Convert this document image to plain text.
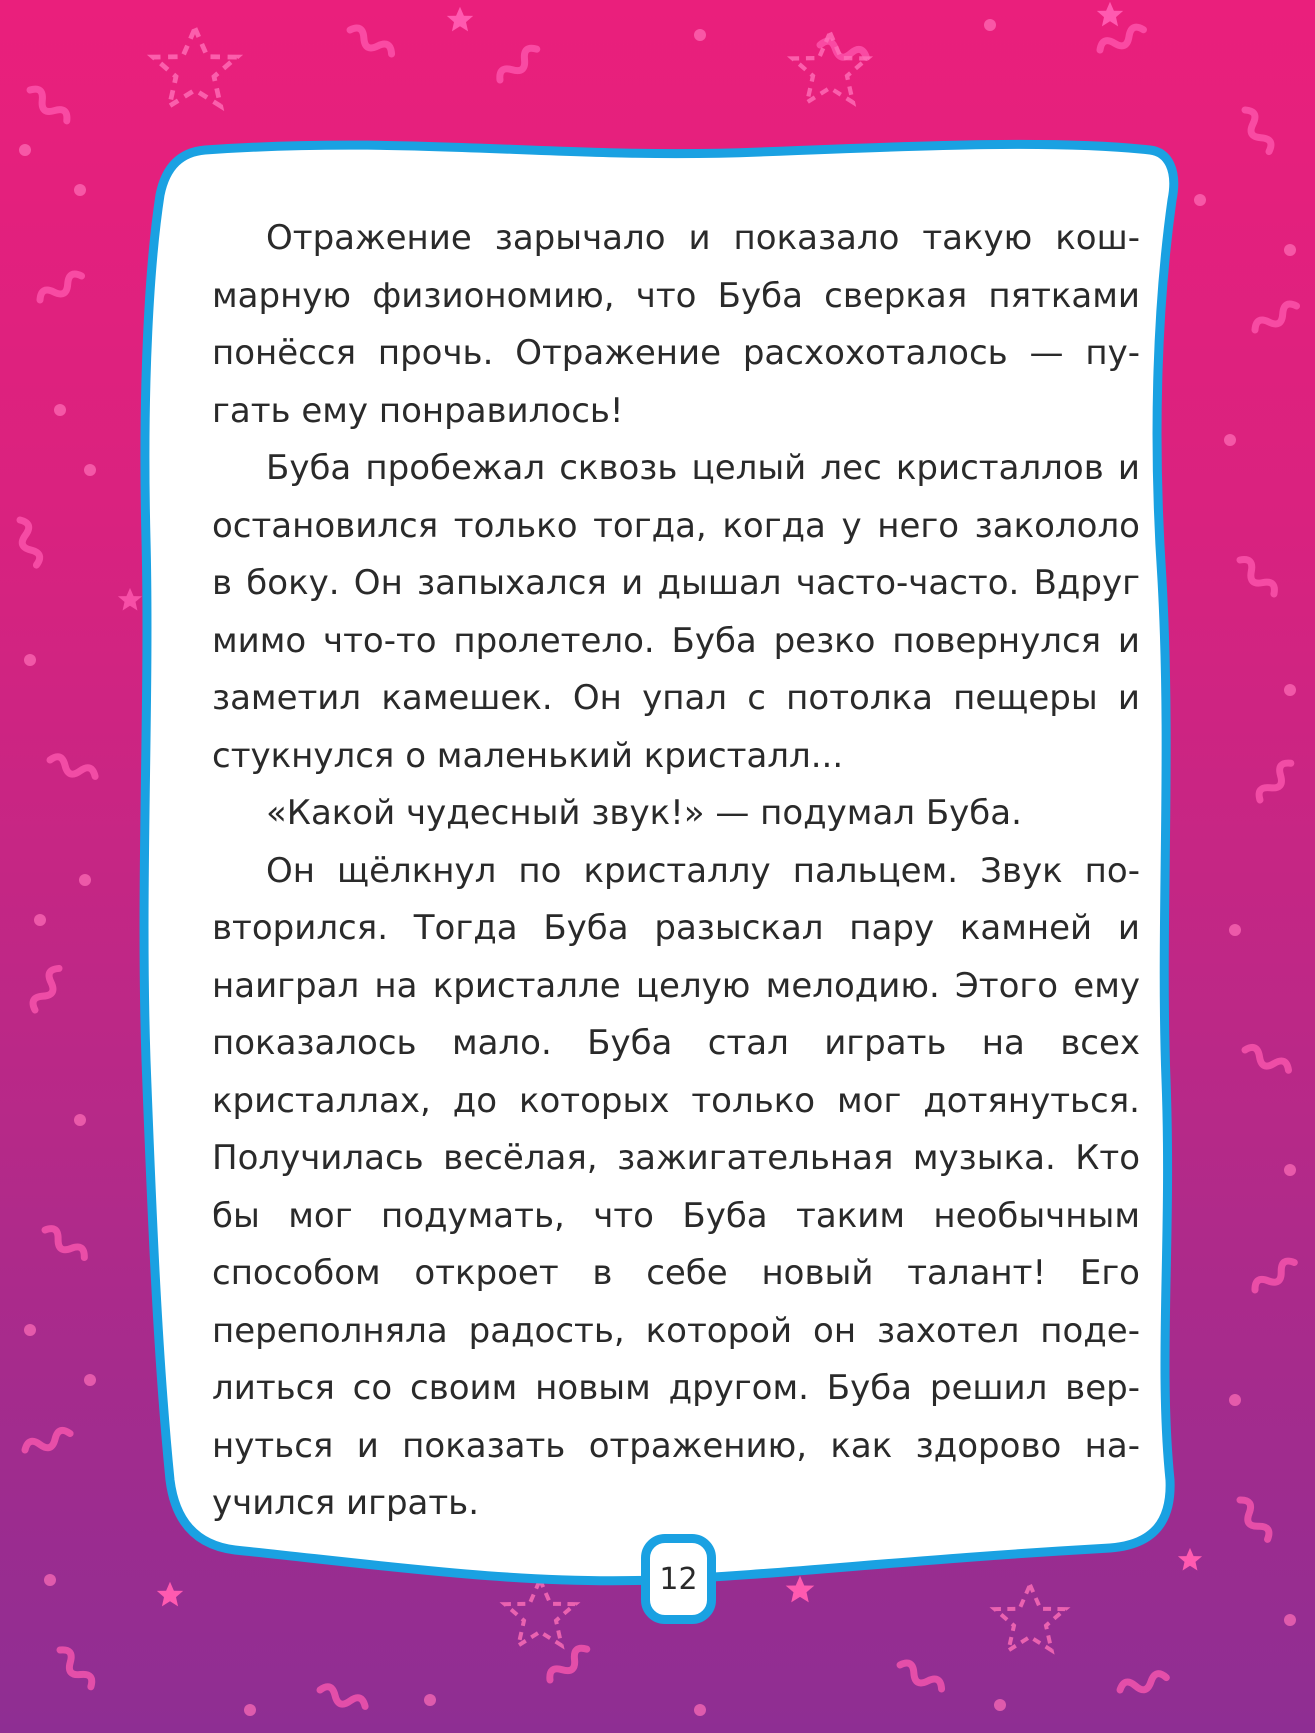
Отражение зарычало и показало такую кошмарную физиономию, что Буба сверкая пятками понёсся прочь. Отражение расхохоталось — пугать ему понравилось!

Буба пробежал сквозь целый лес кристаллов и остановился только тогда, когда у него закололо в боку. Он запыхался и дышал часто-часто. Вдруг мимо что-то пролетело. Буба резко повернулся и заметил камешек. Он упал с потолка пещеры и стукнулся о маленький кристалл...

«Какой чудесный звук!» — подумал Буба.

Он щёлкнул по кристаллу пальцем. Звук повторился. Тогда Буба разыскал пару камней и наиграл на кристалле целую мелодию. Этого ему показалось мало. Буба стал играть на всех кристаллах, до которых только мог дотянуться. Получилась весёлая, зажигательная музыка. Кто бы мог подумать, что Буба таким необычным способом откроет в себе новый талант! Его переполняла радость, которой он захотел поделиться со своим новым другом. Буба решил вернуться и показать отражению, как здорово научился играть.

12
